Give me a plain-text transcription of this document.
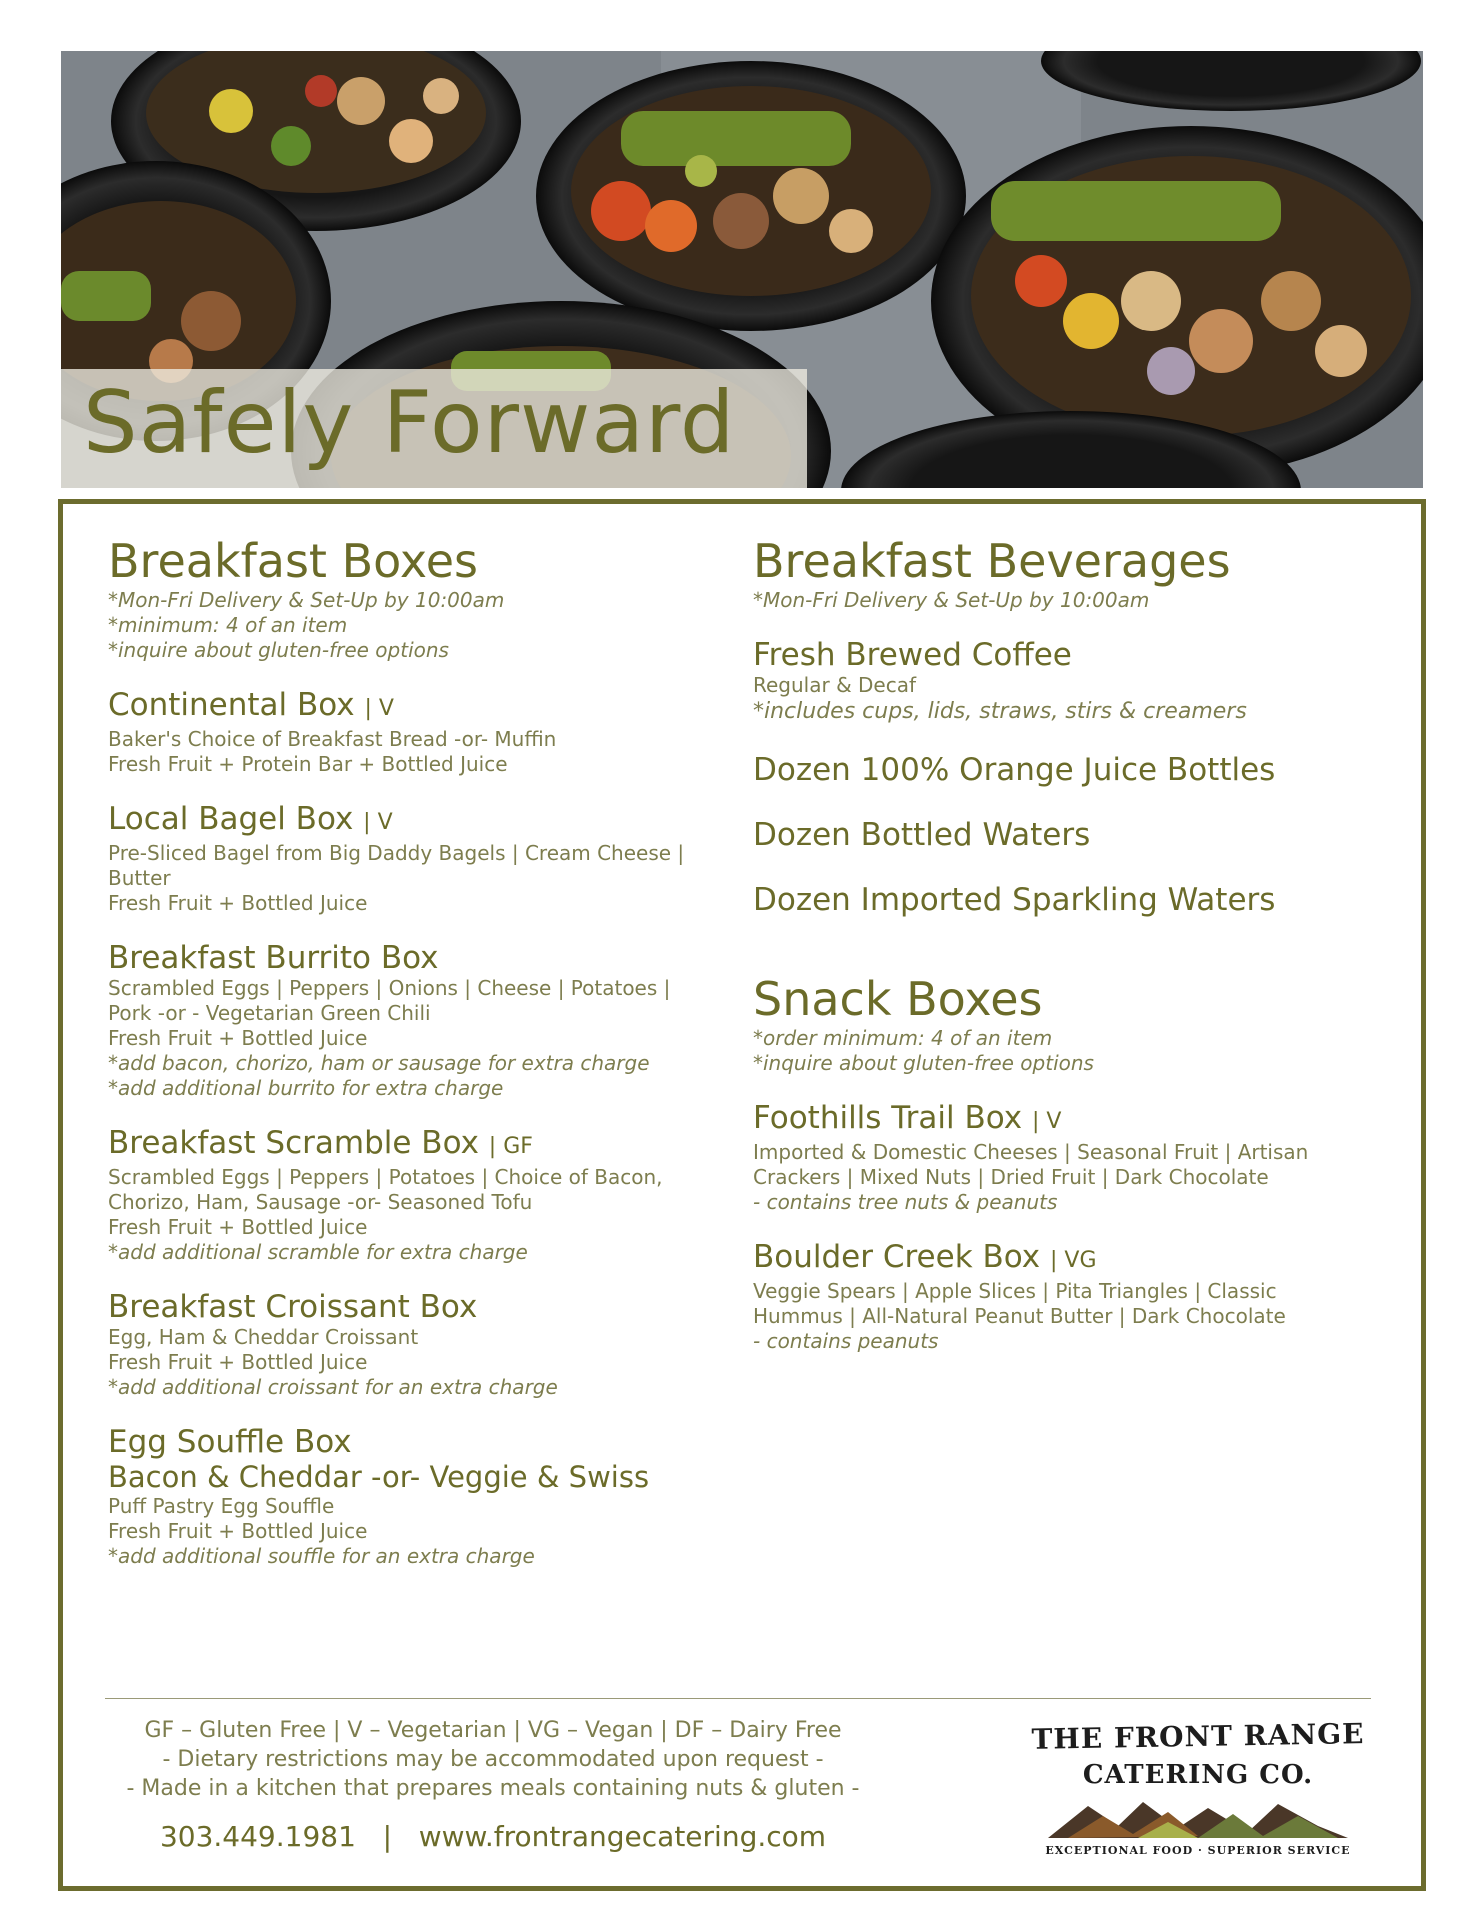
Safely Forward
Breakfast Boxes
*Mon-Fri Delivery & Set-Up by 10:00am
*minimum: 4 of an item
*inquire about gluten-free options
Continental Box | V
Baker's Choice of Breakfast Bread -or- Muffin
Fresh Fruit + Protein Bar + Bottled Juice
Local Bagel Box | V
Pre-Sliced Bagel from Big Daddy Bagels | Cream Cheese |
Butter
Fresh Fruit + Bottled Juice
Breakfast Burrito Box
Scrambled Eggs | Peppers | Onions | Cheese | Potatoes |
Pork -or - Vegetarian Green Chili
Fresh Fruit + Bottled Juice
*add bacon, chorizo, ham or sausage for extra charge
*add additional burrito for extra charge
Breakfast Scramble Box | GF
Scrambled Eggs | Peppers | Potatoes | Choice of Bacon,
Chorizo, Ham, Sausage -or- Seasoned Tofu
Fresh Fruit + Bottled Juice
*add additional scramble for extra charge
Breakfast Croissant Box
Egg, Ham & Cheddar Croissant
Fresh Fruit + Bottled Juice
*add additional croissant for an extra charge
Egg Souffle Box
Bacon & Cheddar -or- Veggie & Swiss
Puff Pastry Egg Souffle
Fresh Fruit + Bottled Juice
*add additional souffle for an extra charge
Breakfast Beverages
*Mon-Fri Delivery & Set-Up by 10:00am
Fresh Brewed Coffee
Regular & Decaf
*includes cups, lids, straws, stirs & creamers
Dozen 100% Orange Juice Bottles
Dozen Bottled Waters
Dozen Imported Sparkling Waters
Snack Boxes
*order minimum: 4 of an item
*inquire about gluten-free options
Foothills Trail Box | V
Imported & Domestic Cheeses | Seasonal Fruit | Artisan
Crackers | Mixed Nuts | Dried Fruit | Dark Chocolate
- contains tree nuts & peanuts
Boulder Creek Box | VG
Veggie Spears | Apple Slices | Pita Triangles | Classic
Hummus | All-Natural Peanut Butter | Dark Chocolate
- contains peanuts
GF – Gluten Free | V – Vegetarian | VG – Vegan | DF – Dairy Free
- Dietary restrictions may be accommodated upon request -
- Made in a kitchen that prepares meals containing nuts & gluten -
303.449.1981   |   www.frontrangecatering.com
THE FRONT RANGE
CATERING CO.
EXCEPTIONAL FOOD · SUPERIOR SERVICE
